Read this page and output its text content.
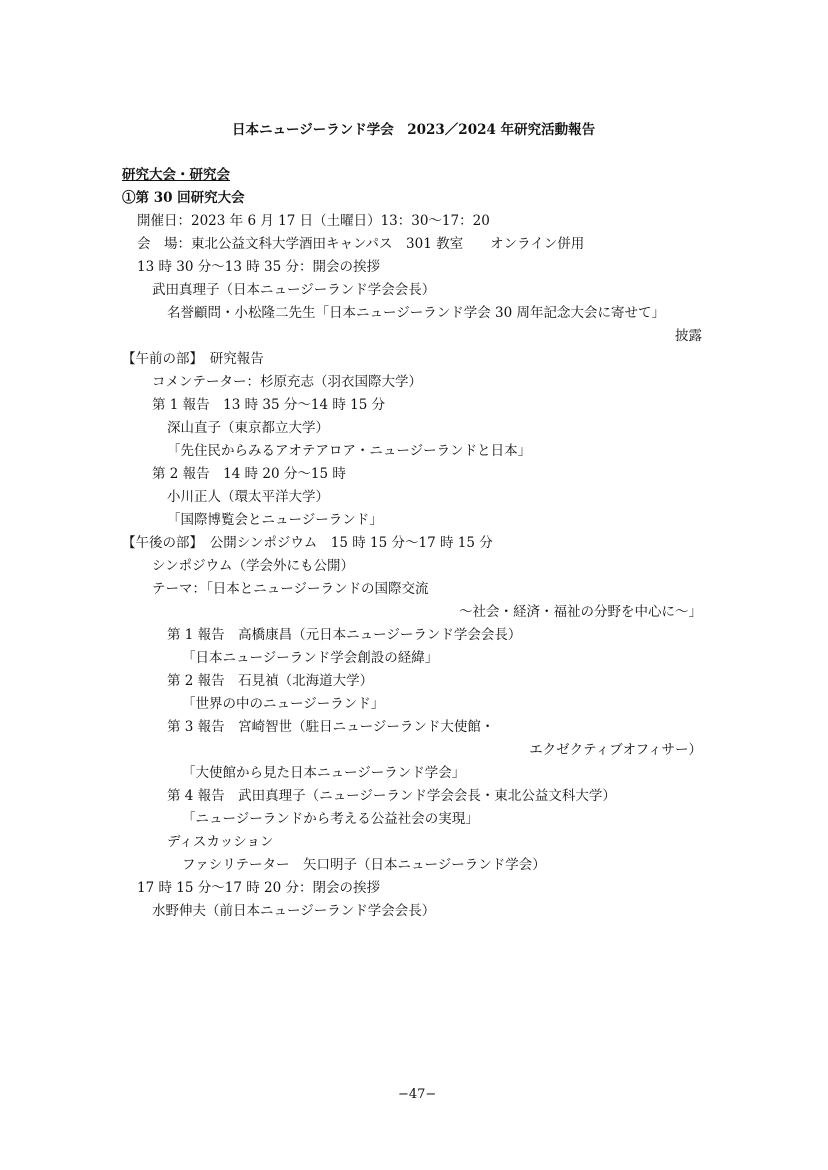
日本ニュージーランド学会　2023／2024 年研究活動報告
研究大会・研究会
①第 30 回研究大会
開催日：2023 年 6 月 17 日（土曜日）13：30〜17：20
会　場：東北公益文科大学酒田キャンパス　301 教室　　オンライン併用
13 時 30 分〜13 時 35 分：開会の挨拶
武田真理子（日本ニュージーランド学会会長）
名誉顧問・小松隆二先生「日本ニュージーランド学会 30 周年記念大会に寄せて」
披露
【午前の部】　研究報告
コメンテーター：杉原充志（羽衣国際大学）
第 1 報告　13 時 35 分〜14 時 15 分
深山直子（東京都立大学）
「先住民からみるアオテアロア・ニュージーランドと日本」
第 2 報告　14 時 20 分〜15 時
小川正人（環太平洋大学）
「国際博覧会とニュージーランド」
【午後の部】　公開シンポジウム　15 時 15 分〜17 時 15 分
シンポジウム（学会外にも公開）
テーマ：「日本とニュージーランドの国際交流
〜社会・経済・福祉の分野を中心に〜」
第 1 報告　高橋康昌（元日本ニュージーランド学会会長）
「日本ニュージーランド学会創設の経緯」
第 2 報告　石見禎（北海道大学）
「世界の中のニュージーランド」
第 3 報告　宮崎智世（駐日ニュージーランド大使館・
エクゼクティブオフィサー）
「大使館から見た日本ニュージーランド学会」
第 4 報告　武田真理子（ニュージーランド学会会長・東北公益文科大学）
「ニュージーランドから考える公益社会の実現」
ディスカッション
ファシリテーター　矢口明子（日本ニュージーランド学会）
17 時 15 分〜17 時 20 分：閉会の挨拶
水野伸夫（前日本ニュージーランド学会会長）
−47−
